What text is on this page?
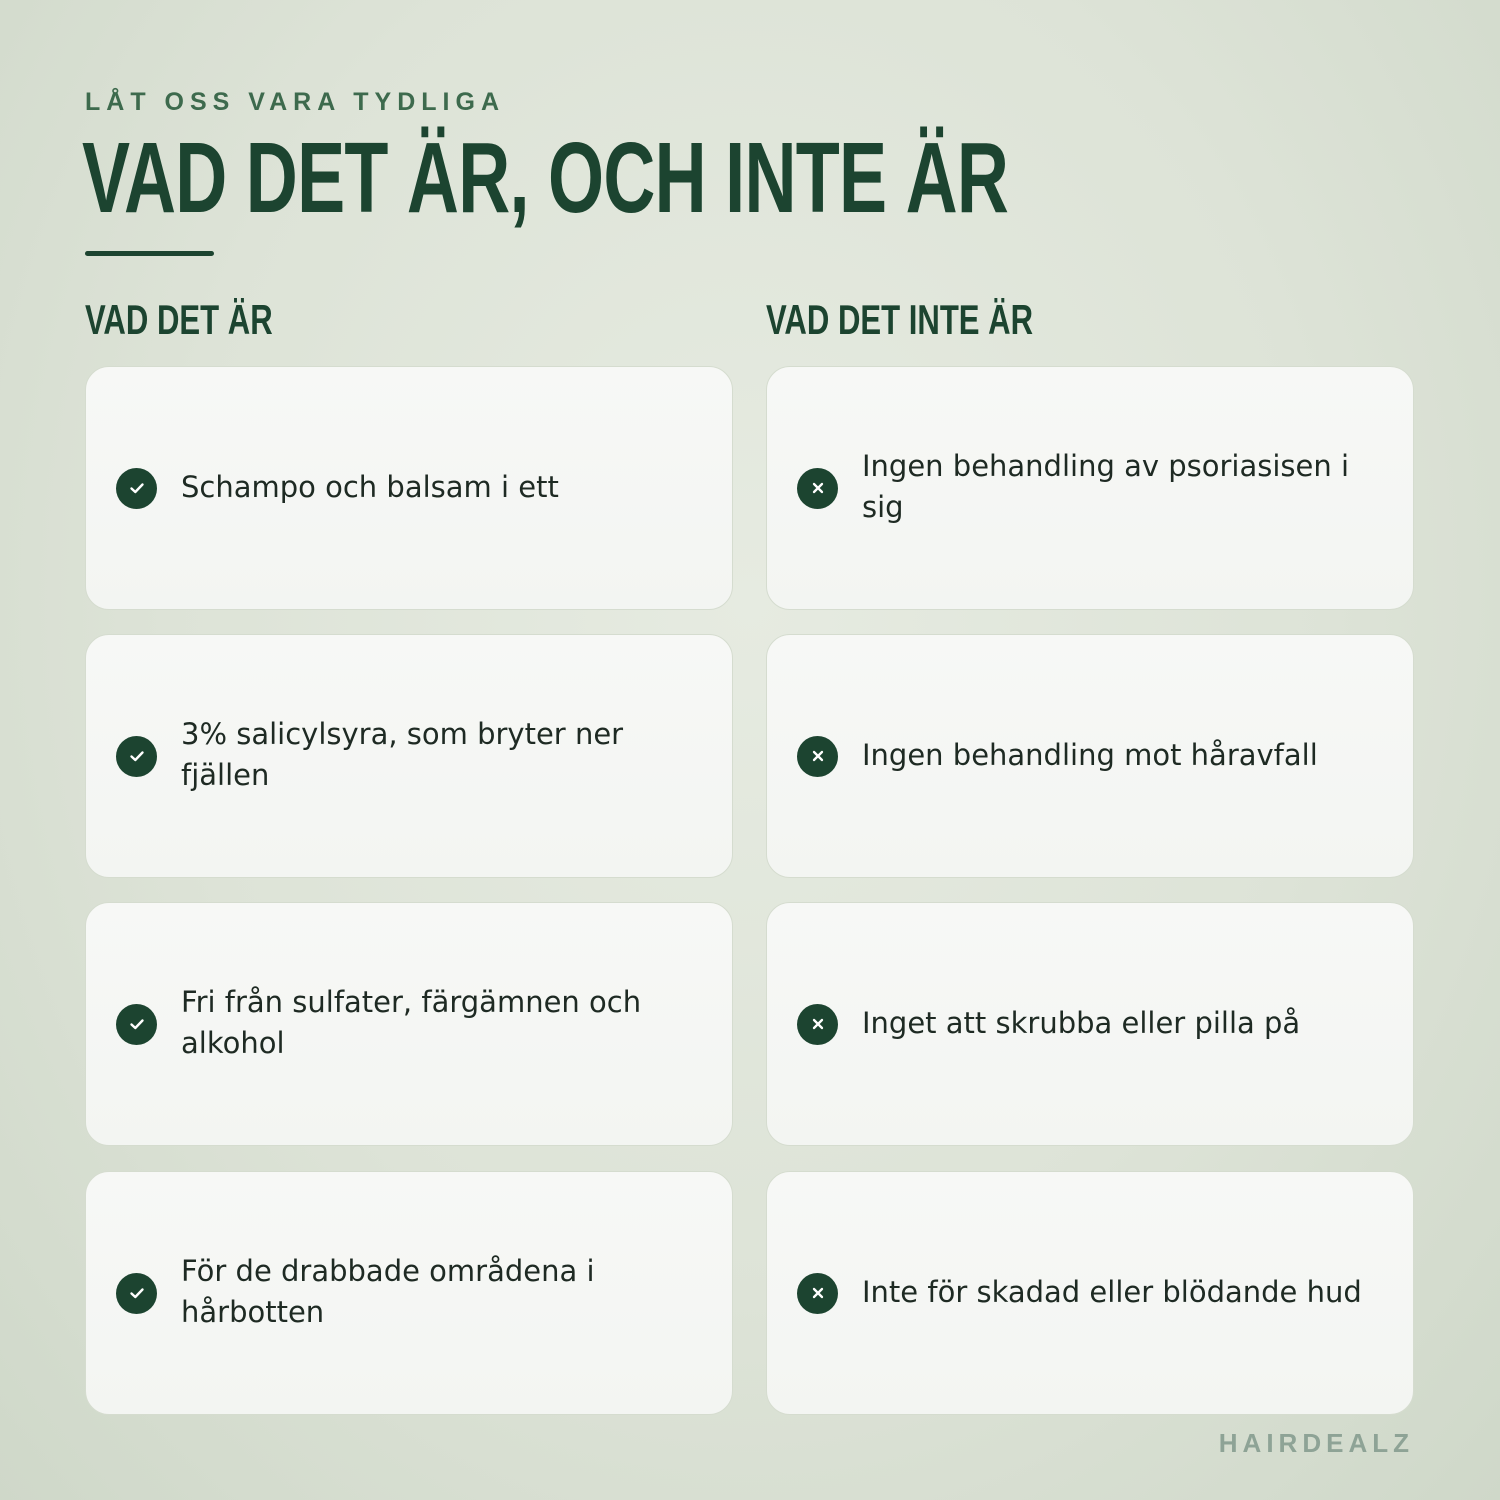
LÅT OSS VARA TYDLIGA
VAD DET ÄR, OCH INTE ÄR
VAD DET ÄR	VAD DET INTE ÄR
Schampo och balsam i ett
3% salicylsyra, som bryter ner fjällen
Fri från sulfater, färgämnen och alkohol
För de drabbade områdena i hårbotten
Ingen behandling av psoriasisen i sig
Ingen behandling mot håravfall
Inget att skrubba eller pilla på
Inte för skadad eller blödande hud
HAIRDEALZ
